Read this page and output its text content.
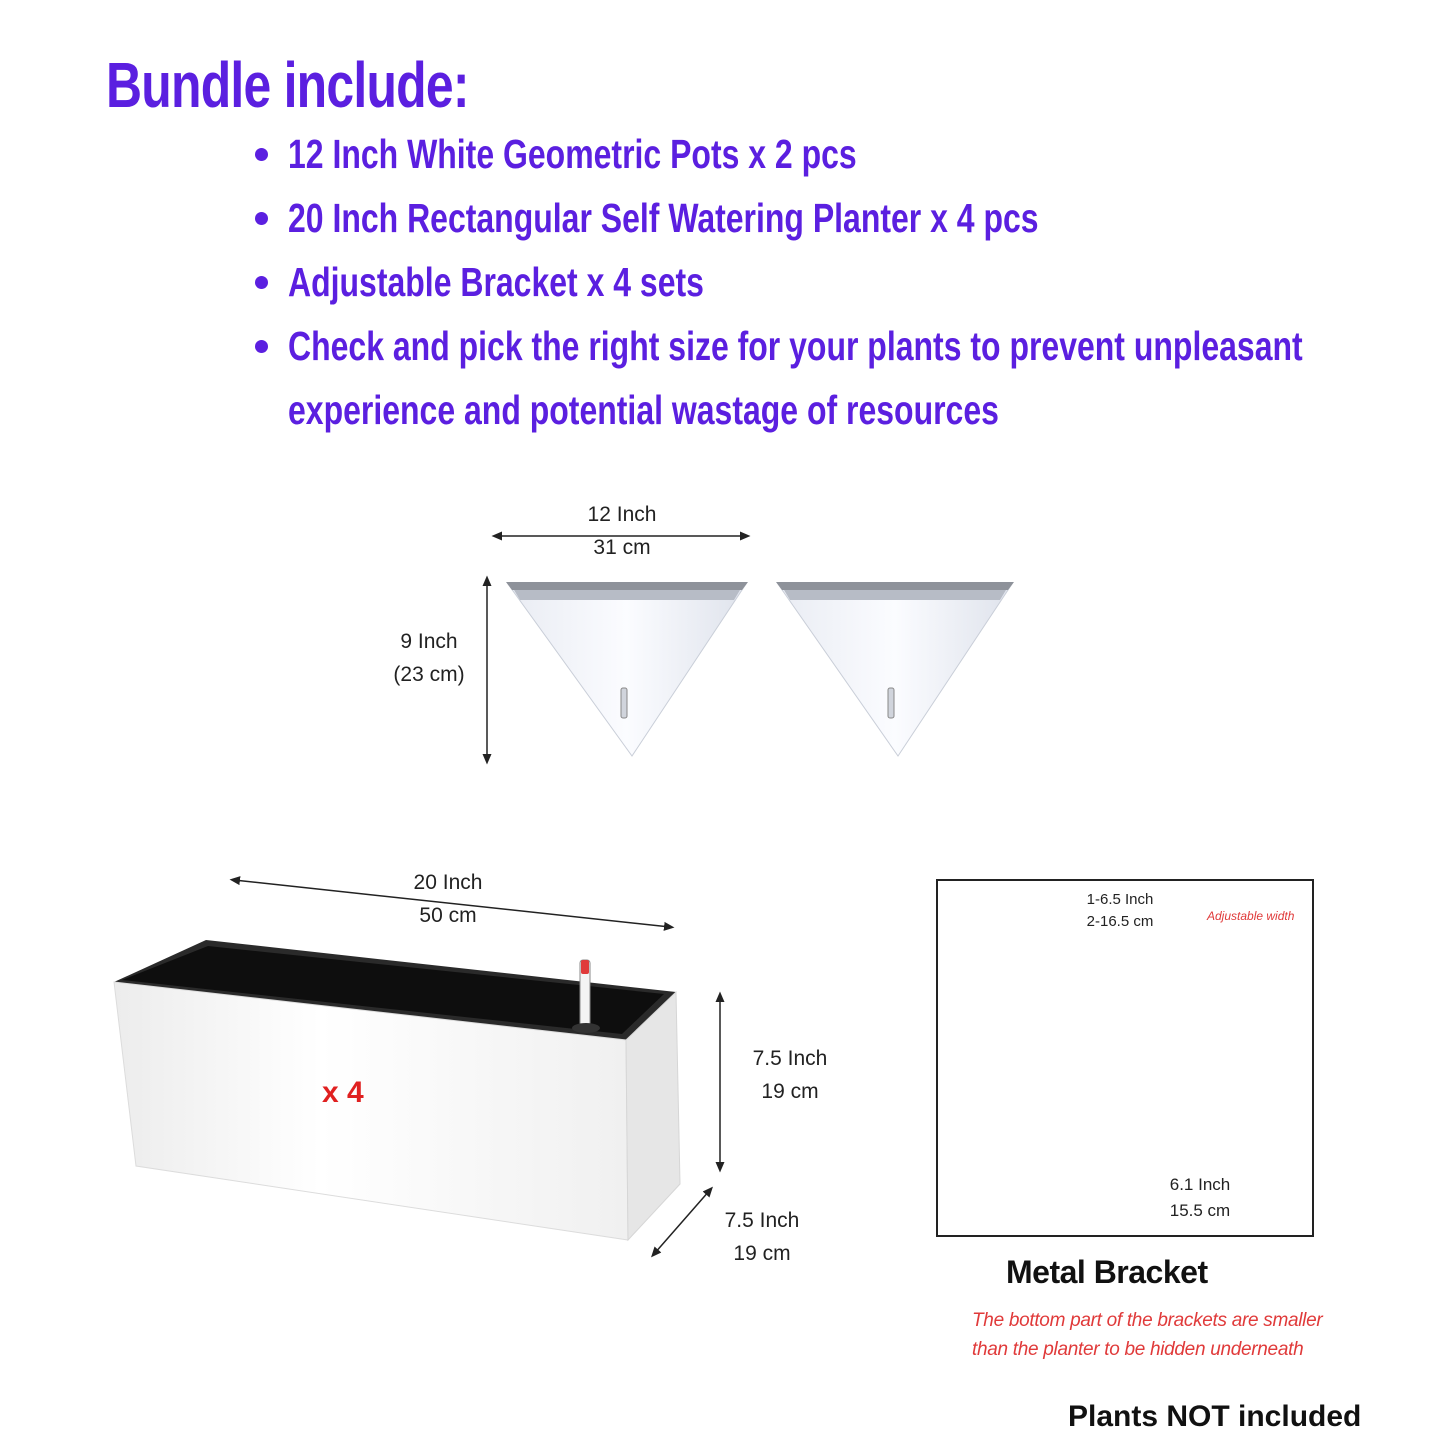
Bundle include:
12 Inch White Geometric Pots x 2 pcs
20 Inch Rectangular Self Watering Planter x 4 pcs
Adjustable Bracket x 4 sets
Check and pick the right size for your plants to prevent unpleasant
experience and potential wastage of resources
12 Inch
31 cm
9 Inch
(23 cm)
20 Inch
50 cm
7.5 Inch
19 cm
7.5 Inch
19 cm
x 4
1-6.5 Inch
2-16.5 cm	Adjustable width
6.1 Inch
15.5 cm
Metal Bracket
The bottom part of the brackets are smaller
than the planter to be hidden underneath
Plants NOT included
